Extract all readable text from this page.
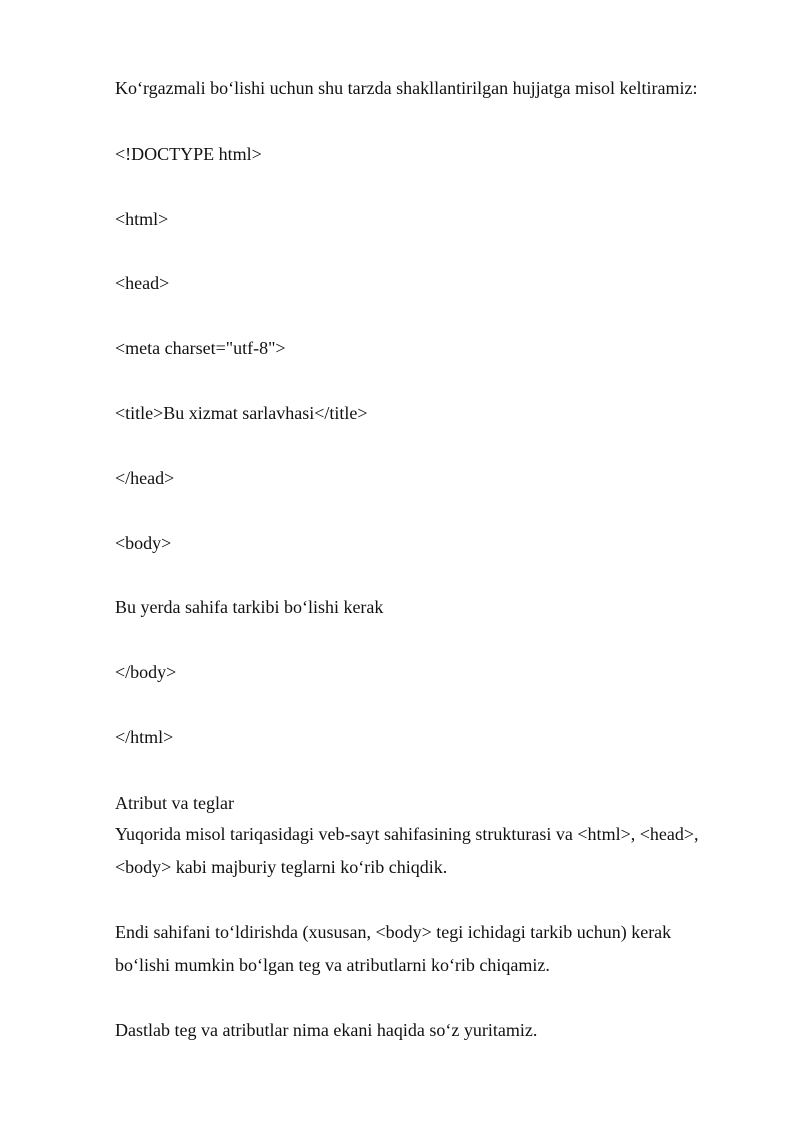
Ko‘rgazmali bo‘lishi uchun shu tarzda shakllantirilgan hujjatga misol keltiramiz:

<!DOCTYPE html>

<html>

<head>

<meta charset="utf-8">

<title>Bu xizmat sarlavhasi</title>

</head>

<body>

Bu yerda sahifa tarkibi bo‘lishi kerak

</body>

</html>

Atribut va teglar

Yuqorida misol tariqasidagi veb-sayt sahifasining strukturasi va <html>, <head>,

<body> kabi majburiy teglarni ko‘rib chiqdik.

Endi sahifani to‘ldirishda (xususan, <body> tegi ichidagi tarkib uchun) kerak

bo‘lishi mumkin bo‘lgan teg va atributlarni ko‘rib chiqamiz.

Dastlab teg va atributlar nima ekani haqida so‘z yuritamiz.
